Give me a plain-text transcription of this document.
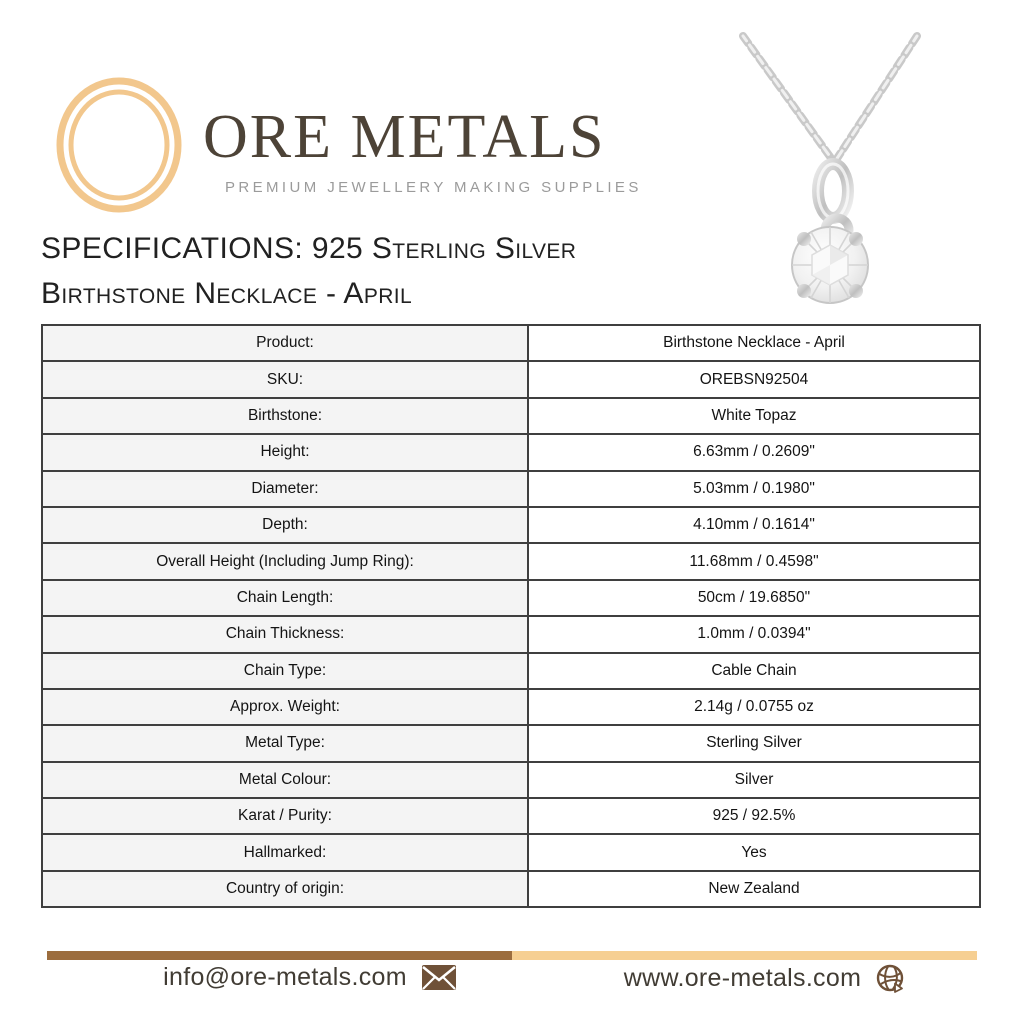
ORE METALS
PREMIUM JEWELLERY MAKING SUPPLIES
SPECIFICATIONS: 925 Sterling Silver
Birthstone Necklace - April
Product:	Birthstone Necklace - April
SKU:	OREBSN92504
Birthstone:	White Topaz
Height:	6.63mm / 0.2609"
Diameter:	5.03mm / 0.1980"
Depth:	4.10mm / 0.1614"
Overall Height (Including Jump Ring):	11.68mm / 0.4598"
Chain Length:	50cm / 19.6850"
Chain Thickness:	1.0mm / 0.0394"
Chain Type:	Cable Chain
Approx. Weight:	2.14g / 0.0755 oz
Metal Type:	Sterling Silver
Metal Colour:	Silver
Karat / Purity:	925 / 92.5%
Hallmarked:	Yes
Country of origin:	New Zealand
info@ore-metals.com	www.ore-metals.com
